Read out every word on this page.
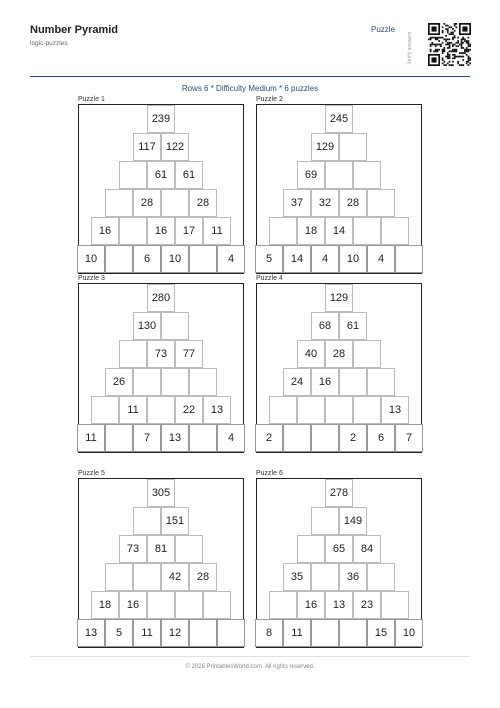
Number Pyramid
logic-puzzles
Puzzle
Verify answers
Rows 6 * Difficulty Medium * 6 puzzles
Puzzle 1
239
117 122
61	61
28	28
16	16	17	11
10	6	10	4
Puzzle 2
245
129
69
37	32	28
18	14
5	14	4	10	4
Puzzle 3
280
130
73	77
26
11	22	13
11	7	13	4
Puzzle 4
129
68	61
40	28
24	16
13
2	2	6	7
Puzzle 5
305
151
73	81
42	28
18	16
13	5	11	12
Puzzle 6
278
149
65	84
35	36
16	13	23
8	11	15	10
© 2026 PrintablesWorld.com. All rights reserved.
